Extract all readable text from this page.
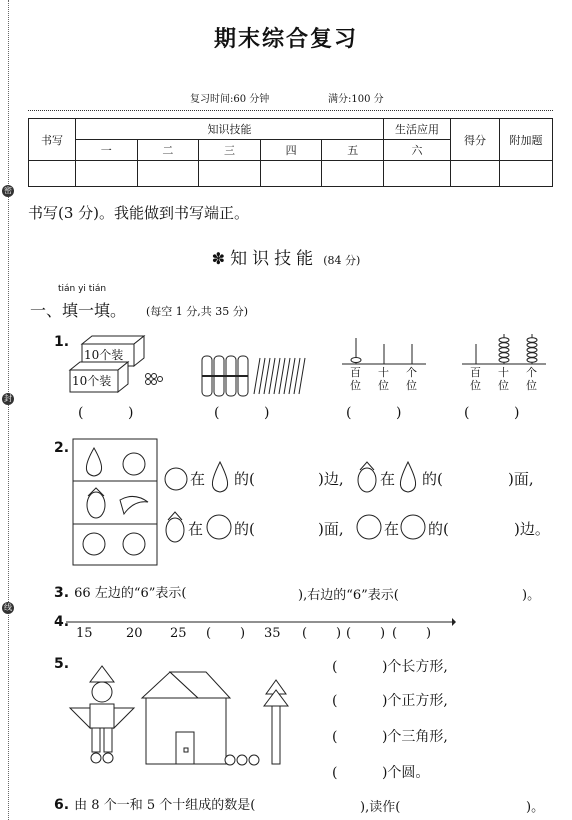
密
封
线
期末综合复习
复习时间:60 分钟	满分:100 分
书写	知识技能					生活应用	得分	附加题
	一	二	三	四	五	六		

书写(3 分)。我能做到书写端正。
✽ 知识技能 (84 分)
tián yi tián
一、填一填。 (每空 1 分,共 35 分)
1.
10个装
10个装
百
位
十
位
个
位
百
位
十
位
个
位
(          )	(          )	(          )	(          )
2.
在 的(	)边, 在 的(	)面,
在 的(	)面,	在 的(	)边。
3. 66 左边的“6”表示(	),右边的“6”表示(	)。
4.
15	20 25 ( ) 35 ( ) ( ) ( )
5.	(          )个长方形,
(          )个正方形,
(          )个三角形,
(          )个圆。
6. 由 8 个一和 5 个十组成的数是(	),读作(	)。
